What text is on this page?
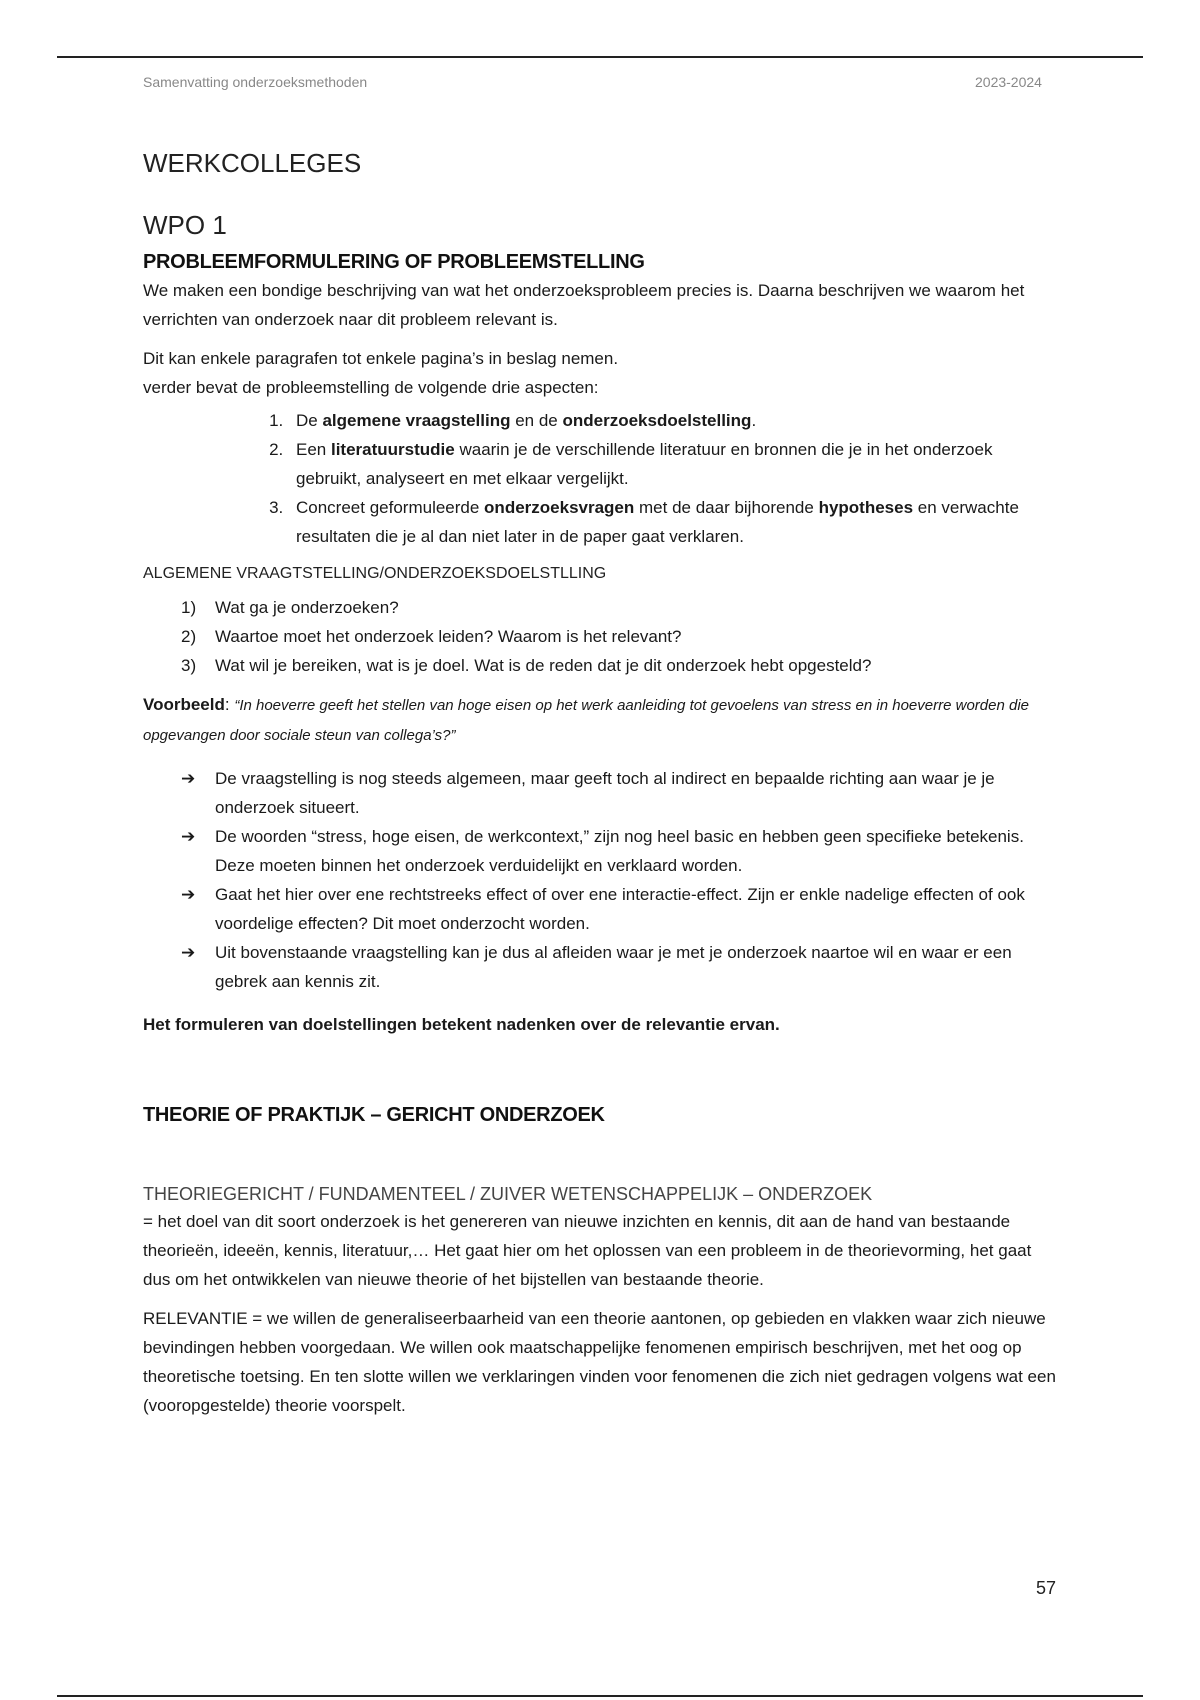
Samenvatting onderzoeksmethoden	2023-2024
WERKCOLLEGES
WPO 1
PROBLEEMFORMULERING OF PROBLEEMSTELLING

We maken een bondige beschrijving van wat het onderzoeksprobleem precies is. Daarna beschrijven we waarom het verrichten van onderzoek naar dit probleem relevant is.

Dit kan enkele paragrafen tot enkele pagina’s in beslag nemen.
verder bevat de probleemstelling de volgende drie aspecten:

1. De algemene vraagstelling en de onderzoeksdoelstelling.
2. Een literatuurstudie waarin je de verschillende literatuur en bronnen die je in het onderzoek gebruikt, analyseert en met elkaar vergelijkt.
3. Concreet geformuleerde onderzoeksvragen met de daar bijhorende hypotheses en verwachte resultaten die je al dan niet later in de paper gaat verklaren.
ALGEMENE VRAAGTSTELLING/ONDERZOEKSDOELSTLLING
1) Wat ga je onderzoeken?
2) Waartoe moet het onderzoek leiden? Waarom is het relevant?
3) Wat wil je bereiken, wat is je doel. Wat is de reden dat je dit onderzoek hebt opgesteld?
Voorbeeld: “In hoeverre geeft het stellen van hoge eisen op het werk aanleiding tot gevoelens van stress en in hoeverre worden die opgevangen door sociale steun van collega’s?”
➔ De vraagstelling is nog steeds algemeen, maar geeft toch al indirect en bepaalde richting aan waar je je onderzoek situeert.
➔ De woorden “stress, hoge eisen, de werkcontext,” zijn nog heel basic en hebben geen specifieke betekenis. Deze moeten binnen het onderzoek verduidelijkt en verklaard worden.
➔ Gaat het hier over ene rechtstreeks effect of over ene interactie-effect. Zijn er enkle nadelige effecten of ook voordelige effecten? Dit moet onderzocht worden.
➔ Uit bovenstaande vraagstelling kan je dus al afleiden waar je met je onderzoek naartoe wil en waar er een gebrek aan kennis zit.
Het formuleren van doelstellingen betekent nadenken over de relevantie ervan.
THEORIE OF PRAKTIJK – GERICHT ONDERZOEK
THEORIEGERICHT / FUNDAMENTEEL / ZUIVER WETENSCHAPPELIJK – ONDERZOEK

= het doel van dit soort onderzoek is het genereren van nieuwe inzichten en kennis, dit aan de hand van bestaande theorieën, ideeën, kennis, literatuur,… Het gaat hier om het oplossen van een probleem in de theorievorming, het gaat dus om het ontwikkelen van nieuwe theorie of het bijstellen van bestaande theorie.

RELEVANTIE = we willen de generaliseerbaarheid van een theorie aantonen, op gebieden en vlakken waar zich nieuwe bevindingen hebben voorgedaan. We willen ook maatschappelijke fenomenen empirisch beschrijven, met het oog op theoretische toetsing. En ten slotte willen we verklaringen vinden voor fenomenen die zich niet gedragen volgens wat een (vooropgestelde) theorie voorspelt.

57
